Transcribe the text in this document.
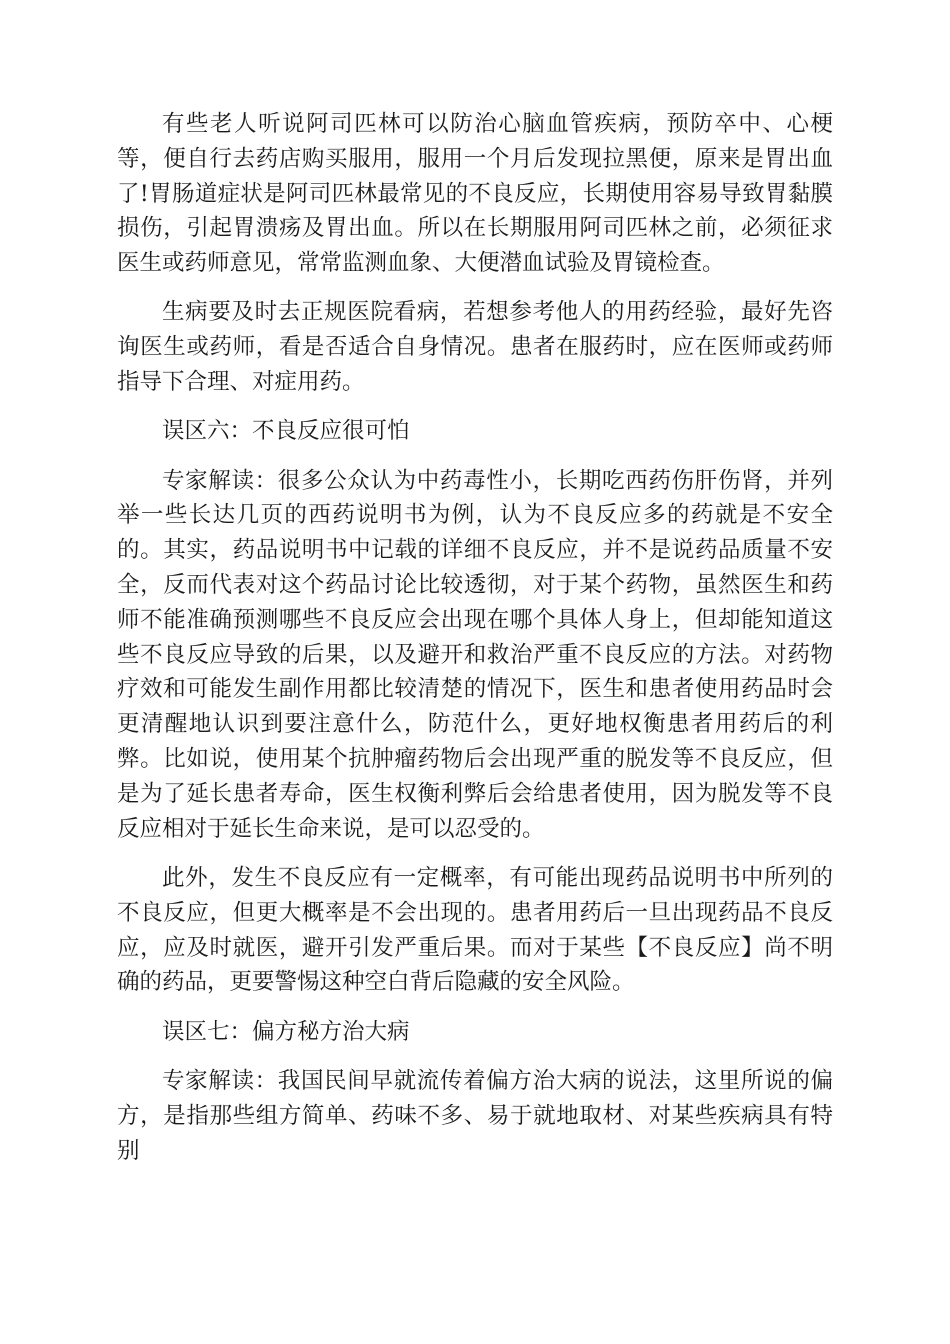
有些老人听说阿司匹林可以防治心脑血管疾病，预防卒中、心梗等，便自行去药店购买服用，服用一个月后发现拉黑便，原来是胃出血了!胃肠道症状是阿司匹林最常见的不良反应，长期使用容易导致胃黏膜损伤，引起胃溃疡及胃出血。所以在长期服用阿司匹林之前，必须征求医生或药师意见，常常监测血象、大便潜血试验及胃镜检查。

生病要及时去正规医院看病，若想参考他人的用药经验，最好先咨询医生或药师，看是否适合自身情况。患者在服药时，应在医师或药师指导下合理、对症用药。

误区六：不良反应很可怕

专家解读：很多公众认为中药毒性小，长期吃西药伤肝伤肾，并列举一些长达几页的西药说明书为例，认为不良反应多的药就是不安全的。其实，药品说明书中记载的详细不良反应，并不是说药品质量不安全，反而代表对这个药品讨论比较透彻，对于某个药物，虽然医生和药师不能准确预测哪些不良反应会出现在哪个具体人身上，但却能知道这些不良反应导致的后果，以及避开和救治严重不良反应的方法。对药物疗效和可能发生副作用都比较清楚的情况下，医生和患者使用药品时会更清醒地认识到要注意什么，防范什么，更好地权衡患者用药后的利弊。比如说，使用某个抗肿瘤药物后会出现严重的脱发等不良反应，但是为了延长患者寿命，医生权衡利弊后会给患者使用，因为脱发等不良反应相对于延长生命来说，是可以忍受的。

此外，发生不良反应有一定概率，有可能出现药品说明书中所列的不良反应，但更大概率是不会出现的。患者用药后一旦出现药品不良反应，应及时就医，避开引发严重后果。而对于某些【不良反应】尚不明确的药品，更要警惕这种空白背后隐藏的安全风险。

误区七：偏方秘方治大病

专家解读：我国民间早就流传着偏方治大病的说法，这里所说的偏方，是指那些组方简单、药味不多、易于就地取材、对某些疾病具有特别
